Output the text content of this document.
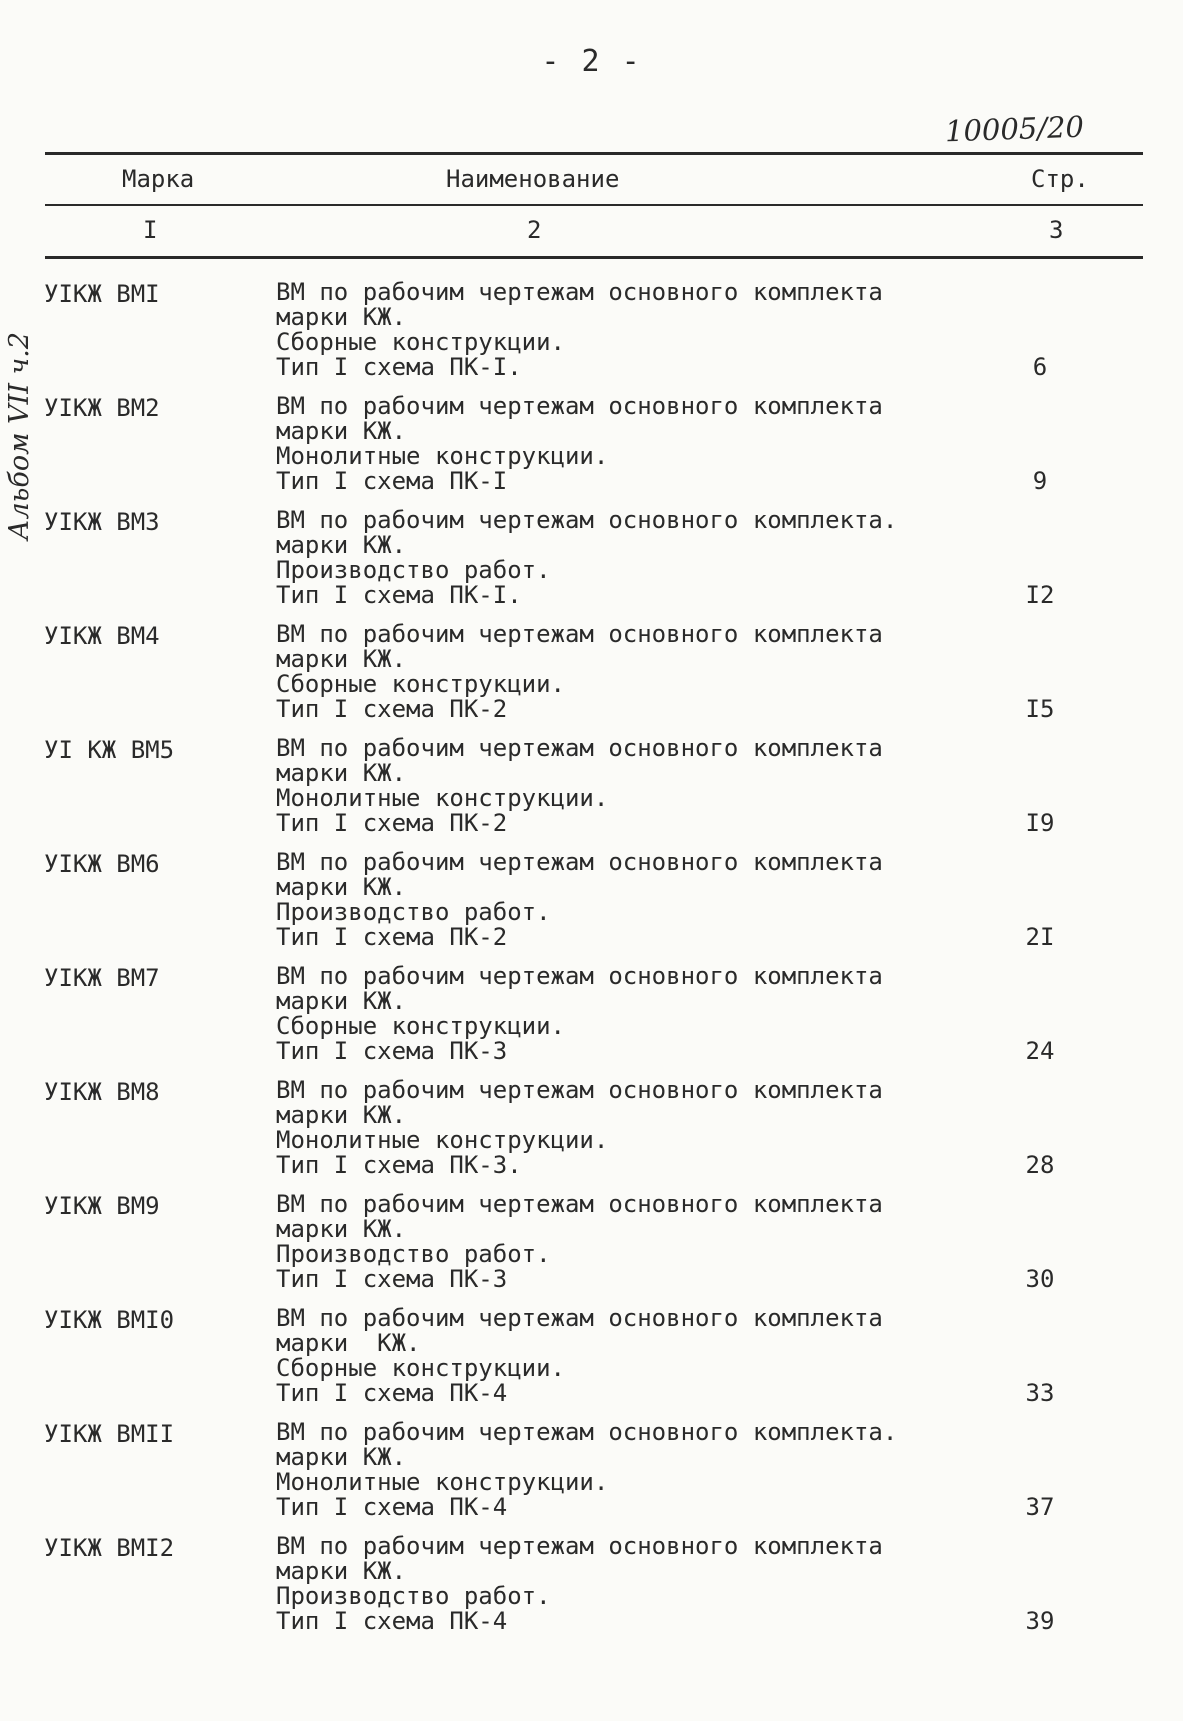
- 2 -
10005/20
Альбом VII ч.2
Марка	Наименование	Стр.
I	2	3
УIКЖ ВМI	ВМ по рабочим чертежам основного комплекта
марки КЖ.
Сборные конструкции.
Тип I схема ПК-I.	6
УIКЖ ВМ2	ВМ по рабочим чертежам основного комплекта
марки КЖ.
Монолитные конструкции.
Тип I схема ПК-I	9
УIКЖ ВМ3	ВМ по рабочим чертежам основного комплекта.
марки КЖ.
Производство работ.
Тип I схема ПК-I.	I2
УIКЖ ВМ4	ВМ по рабочим чертежам основного комплекта
марки КЖ.
Сборные конструкции.
Тип I схема ПК-2	I5
УI КЖ ВМ5	ВМ по рабочим чертежам основного комплекта
марки КЖ.
Монолитные конструкции.
Тип I схема ПК-2	I9
УIКЖ ВМ6	ВМ по рабочим чертежам основного комплекта
марки КЖ.
Производство работ.
Тип I схема ПК-2	2I
УIКЖ ВМ7	ВМ по рабочим чертежам основного комплекта
марки КЖ.
Сборные конструкции.
Тип I схема ПК-3	24
УIКЖ ВМ8	ВМ по рабочим чертежам основного комплекта
марки КЖ.
Монолитные конструкции.
Тип I схема ПК-3.	28
УIКЖ ВМ9	ВМ по рабочим чертежам основного комплекта
марки КЖ.
Производство работ.
Тип I схема ПК-3	30
УIКЖ ВМI0	ВМ по рабочим чертежам основного комплекта
марки  КЖ.
Сборные конструкции.
Тип I схема ПК-4	33
УIКЖ ВМII	ВМ по рабочим чертежам основного комплекта.
марки КЖ.
Монолитные конструкции.
Тип I схема ПК-4	37
УIКЖ ВМI2	ВМ по рабочим чертежам основного комплекта
марки КЖ.
Производство работ.
Тип I схема ПК-4	39
